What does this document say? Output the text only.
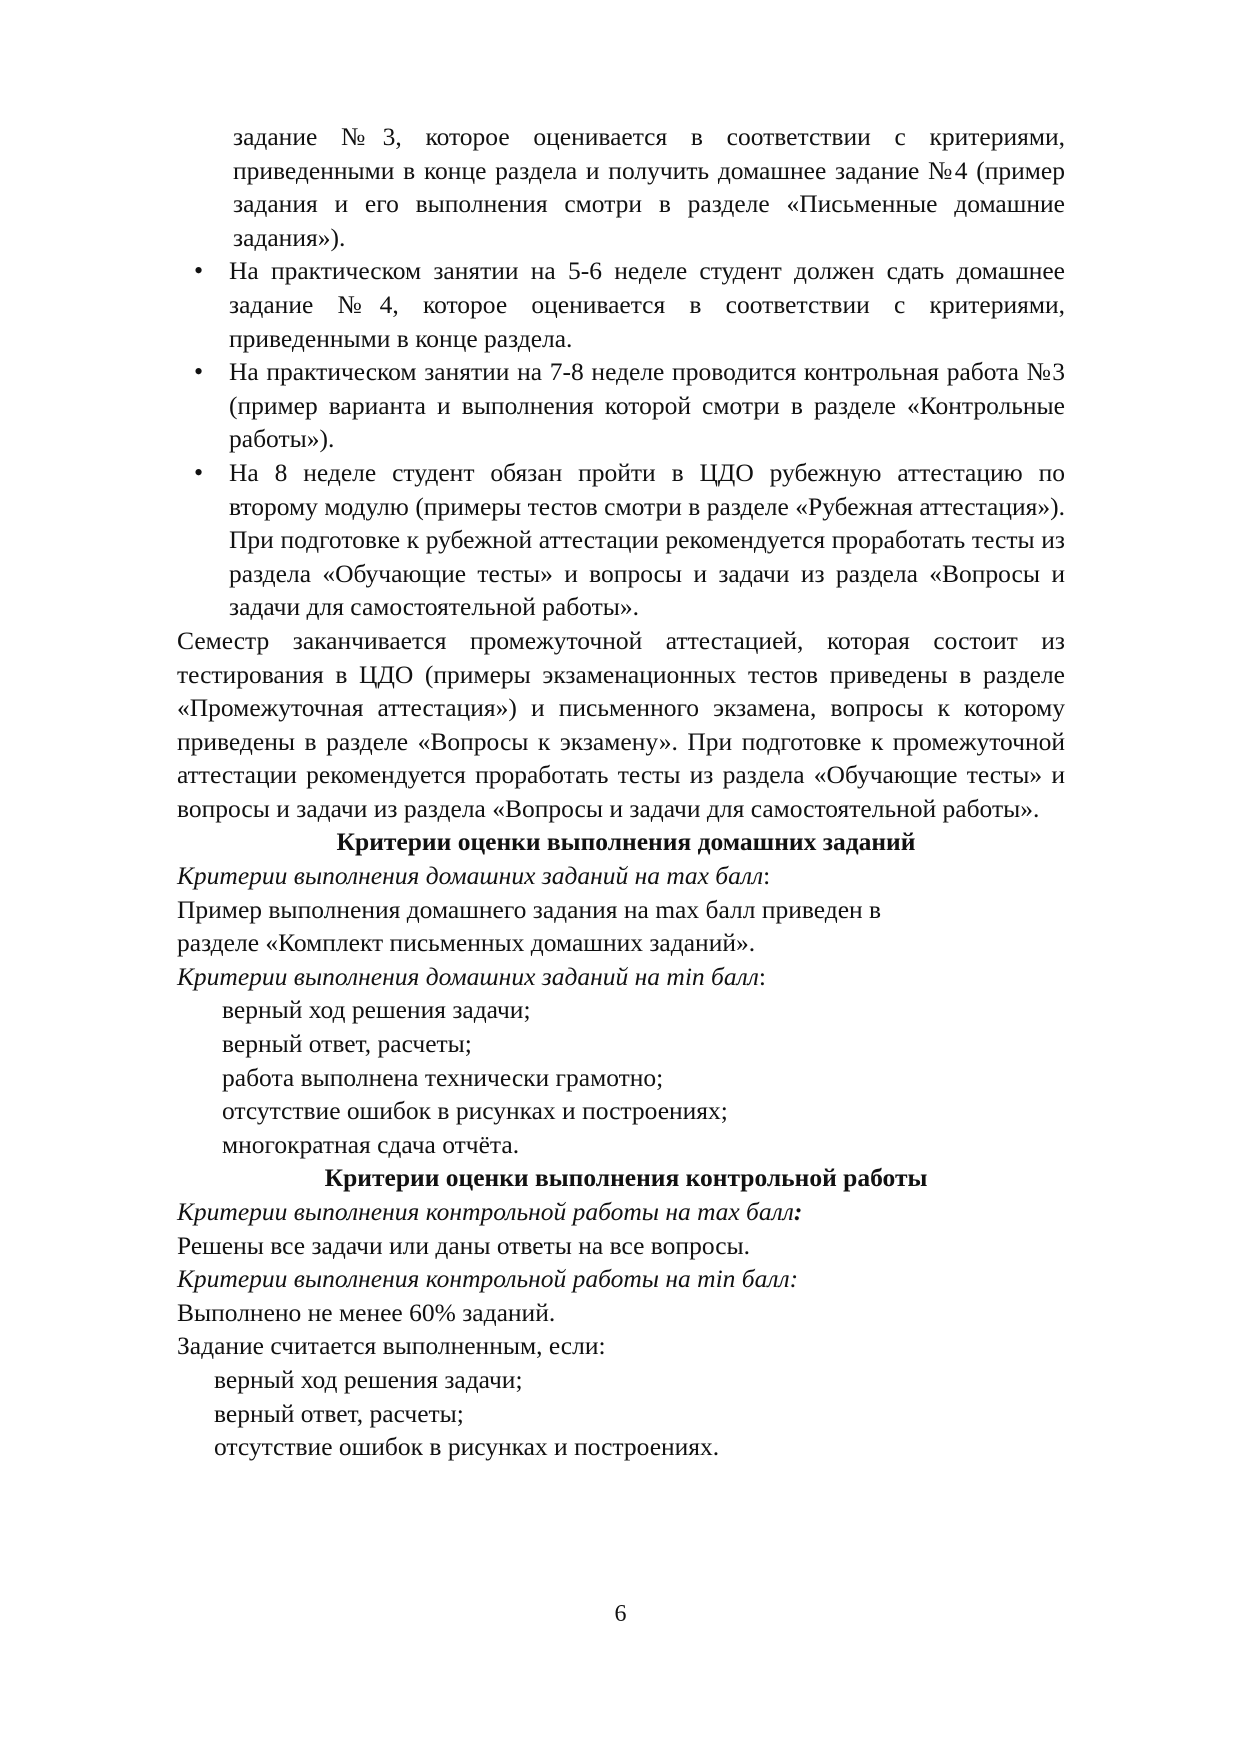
задание №3, которое оценивается в соответствии с критериями, приведенными в конце раздела и получить домашнее задание №4 (пример задания и его выполнения смотри в разделе «Письменные домашние задания»).

• На практическом занятии на 5-6 неделе студент должен сдать домашнее задание №4, которое оценивается в соответствии с критериями, приведенными в конце раздела.
• На практическом занятии на 7-8 неделе проводится контрольная работа №3 (пример варианта и выполнения которой смотри в разделе «Контрольные работы»).
• На 8 неделе студент обязан пройти в ЦДО рубежную аттестацию по второму модулю (примеры тестов смотри в разделе «Рубежная аттестация»). При подготовке к рубежной аттестации рекомендуется проработать тесты из раздела «Обучающие тесты» и вопросы и задачи из раздела «Вопросы и задачи для самостоятельной работы».

Семестр заканчивается промежуточной аттестацией, которая состоит из тестирования в ЦДО (примеры экзаменационных тестов приведены в разделе «Промежуточная аттестация») и письменного экзамена, вопросы к которому приведены в разделе «Вопросы к экзамену». При подготовке к промежуточной аттестации рекомендуется проработать тесты из раздела «Обучающие тесты» и вопросы и задачи из раздела «Вопросы и задачи для самостоятельной работы».

Критерии оценки выполнения домашних заданий

Критерии выполнения домашних заданий на max балл:

Пример выполнения домашнего задания на max балл приведен в

разделе «Комплект письменных домашних заданий».

Критерии выполнения домашних заданий на min балл:

верный ход решения задачи;

верный ответ, расчеты;

работа выполнена технически грамотно;

отсутствие ошибок в рисунках и построениях;

многократная сдача отчёта.

Критерии оценки выполнения контрольной работы

Критерии выполнения контрольной работы на max балл:

Решены все задачи или даны ответы на все вопросы.

Критерии выполнения контрольной работы на min балл:

Выполнено не менее 60% заданий.

Задание считается выполненным, если:

верный ход решения задачи;

верный ответ, расчеты;

отсутствие ошибок в рисунках и построениях.

6
